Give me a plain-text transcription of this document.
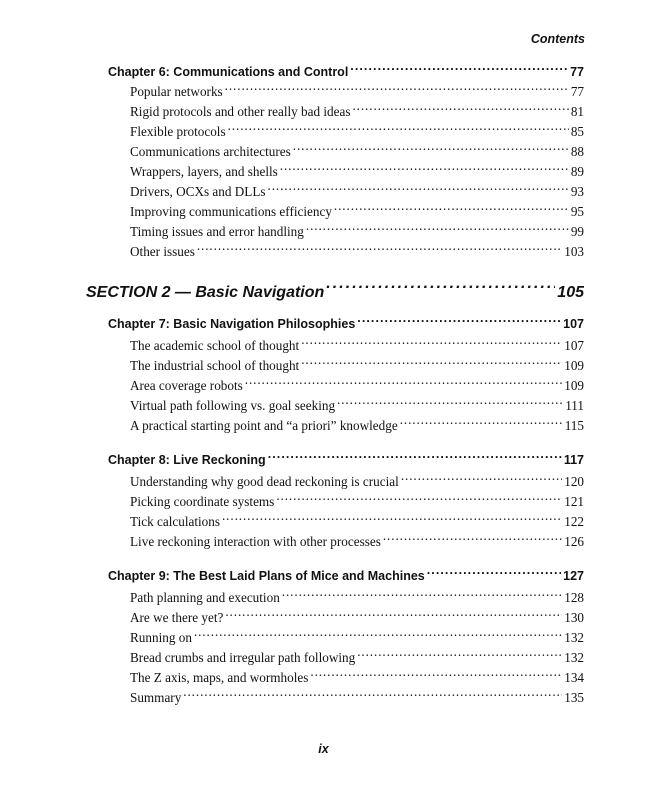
Contents
Chapter 6: Communications and Control . . .	77
Popular networks . . .	77
Rigid protocols and other really bad ideas . . .	81
Flexible protocols . . .	85
Communications architectures . . .	88
Wrappers, layers, and shells . . .	89
Drivers, OCXs and DLLs . . .	93
Improving communications efficiency . . .	95
Timing issues and error handling . . .	99
Other issues . . .	103
SECTION 2 — Basic Navigation . . .	105
Chapter 7: Basic Navigation Philosophies . . .	107
The academic school of thought . . .	107
The industrial school of thought . . .	109
Area coverage robots . . .	109
Virtual path following vs. goal seeking . . .	111
A practical starting point and “a priori” knowledge . . .	115
Chapter 8: Live Reckoning . . .	117
Understanding why good dead reckoning is crucial . . .	120
Picking coordinate systems . . .	121
Tick calculations . . .	122
Live reckoning interaction with other processes . . .	126
Chapter 9: The Best Laid Plans of Mice and Machines . . .	127
Path planning and execution . . .	128
Are we there yet? . . .	130
Running on . . .	132
Bread crumbs and irregular path following . . .	132
The Z axis, maps, and wormholes . . .	134
Summary . . .	135
ix
